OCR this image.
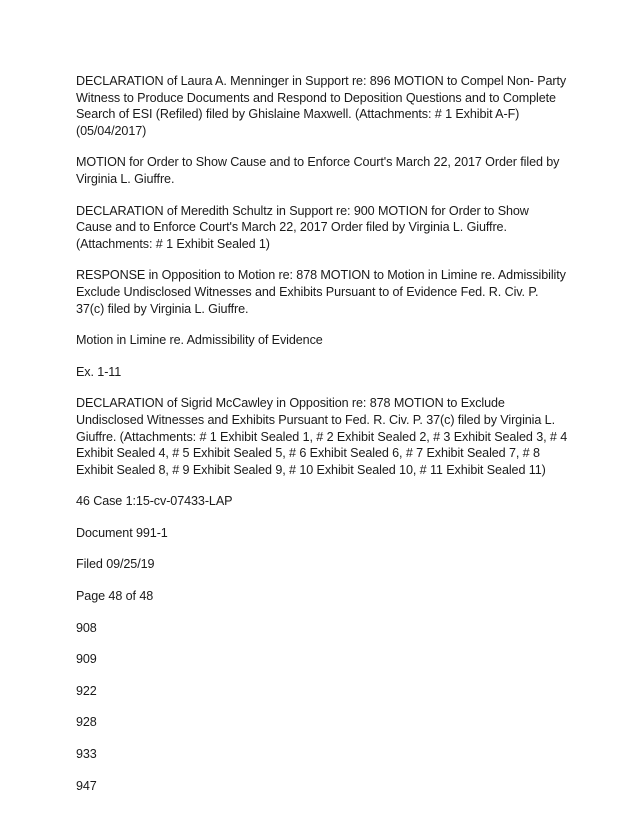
DECLARATION of Laura A. Menninger in Support re: 896 MOTION to Compel Non- Party Witness to Produce Documents and Respond to Deposition Questions and to Complete Search of ESI (Refiled) filed by Ghislaine Maxwell. (Attachments: # 1 Exhibit A-F) (05/04/2017)

MOTION for Order to Show Cause and to Enforce Court's March 22, 2017 Order filed by Virginia L. Giuffre.

DECLARATION of Meredith Schultz in Support re: 900 MOTION for Order to Show Cause and to Enforce Court's March 22, 2017 Order filed by Virginia L. Giuffre. (Attachments: # 1 Exhibit Sealed 1)

RESPONSE in Opposition to Motion re: 878 MOTION to Motion in Limine re. Admissibility Exclude Undisclosed Witnesses and Exhibits Pursuant to of Evidence Fed. R. Civ. P. 37(c) filed by Virginia L. Giuffre.

Motion in Limine re. Admissibility of Evidence

Ex. 1-11

DECLARATION of Sigrid McCawley in Opposition re: 878 MOTION to Exclude Undisclosed Witnesses and Exhibits Pursuant to Fed. R. Civ. P. 37(c) filed by Virginia L. Giuffre. (Attachments: # 1 Exhibit Sealed 1, # 2 Exhibit Sealed 2, # 3 Exhibit Sealed 3, # 4 Exhibit Sealed 4, # 5 Exhibit Sealed 5, # 6 Exhibit Sealed 6, # 7 Exhibit Sealed 7, # 8 Exhibit Sealed 8, # 9 Exhibit Sealed 9, # 10 Exhibit Sealed 10, # 11 Exhibit Sealed 11)

46 Case 1:15-cv-07433-LAP

Document 991-1

Filed 09/25/19

Page 48 of 48

908

909

922

928

933

947
